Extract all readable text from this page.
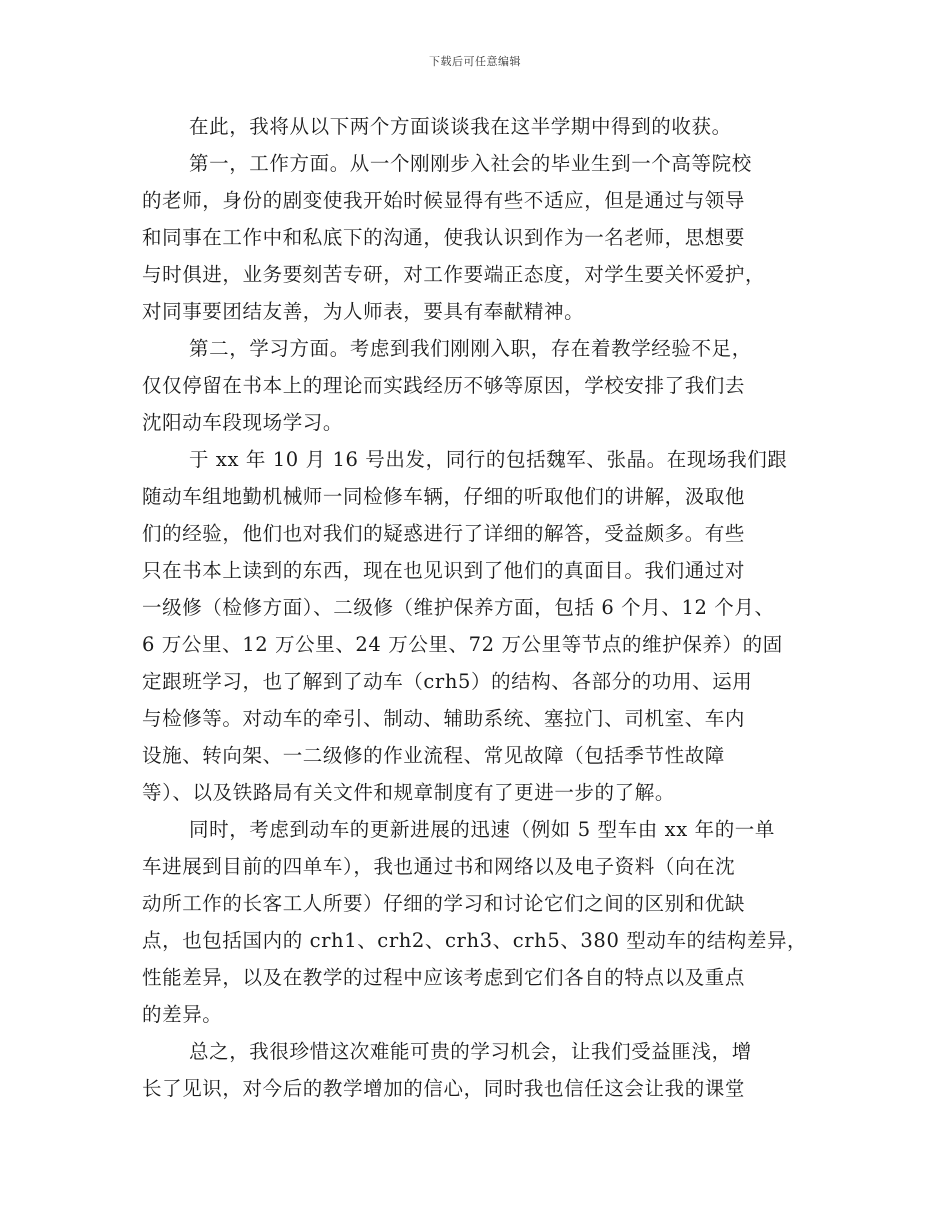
下载后可任意编辑
在此，我将从以下两个方面谈谈我在这半学期中得到的收获。
第一，工作方面。从一个刚刚步入社会的毕业生到一个高等院校
的老师，身份的剧变使我开始时候显得有些不适应，但是通过与领导
和同事在工作中和私底下的沟通，使我认识到作为一名老师，思想要
与时俱进，业务要刻苦专研，对工作要端正态度，对学生要关怀爱护，
对同事要团结友善，为人师表，要具有奉献精神。
第二，学习方面。考虑到我们刚刚入职，存在着教学经验不足，
仅仅停留在书本上的理论而实践经历不够等原因，学校安排了我们去
沈阳动车段现场学习。
于 xx 年 10 月 16 号出发，同行的包括魏军、张晶。在现场我们跟
随动车组地勤机械师一同检修车辆，仔细的听取他们的讲解，汲取他
们的经验，他们也对我们的疑惑进行了详细的解答，受益颇多。有些
只在书本上读到的东西，现在也见识到了他们的真面目。我们通过对
一级修（检修方面）、二级修（维护保养方面，包括 6 个月、12 个月、
6 万公里、12 万公里、24 万公里、72 万公里等节点的维护保养）的固
定跟班学习，也了解到了动车（crh5）的结构、各部分的功用、运用
与检修等。对动车的牵引、制动、辅助系统、塞拉门、司机室、车内
设施、转向架、一二级修的作业流程、常见故障（包括季节性故障
等）、以及铁路局有关文件和规章制度有了更进一步的了解。
同时，考虑到动车的更新进展的迅速（例如 5 型车由 xx 年的一单
车进展到目前的四单车），我也通过书和网络以及电子资料（向在沈
动所工作的长客工人所要）仔细的学习和讨论它们之间的区别和优缺
点，也包括国内的 crh1、crh2、crh3、crh5、380 型动车的结构差异，
性能差异，以及在教学的过程中应该考虑到它们各自的特点以及重点
的差异。
总之，我很珍惜这次难能可贵的学习机会，让我们受益匪浅，增
长了见识，对今后的教学增加的信心，同时我也信任这会让我的课堂
